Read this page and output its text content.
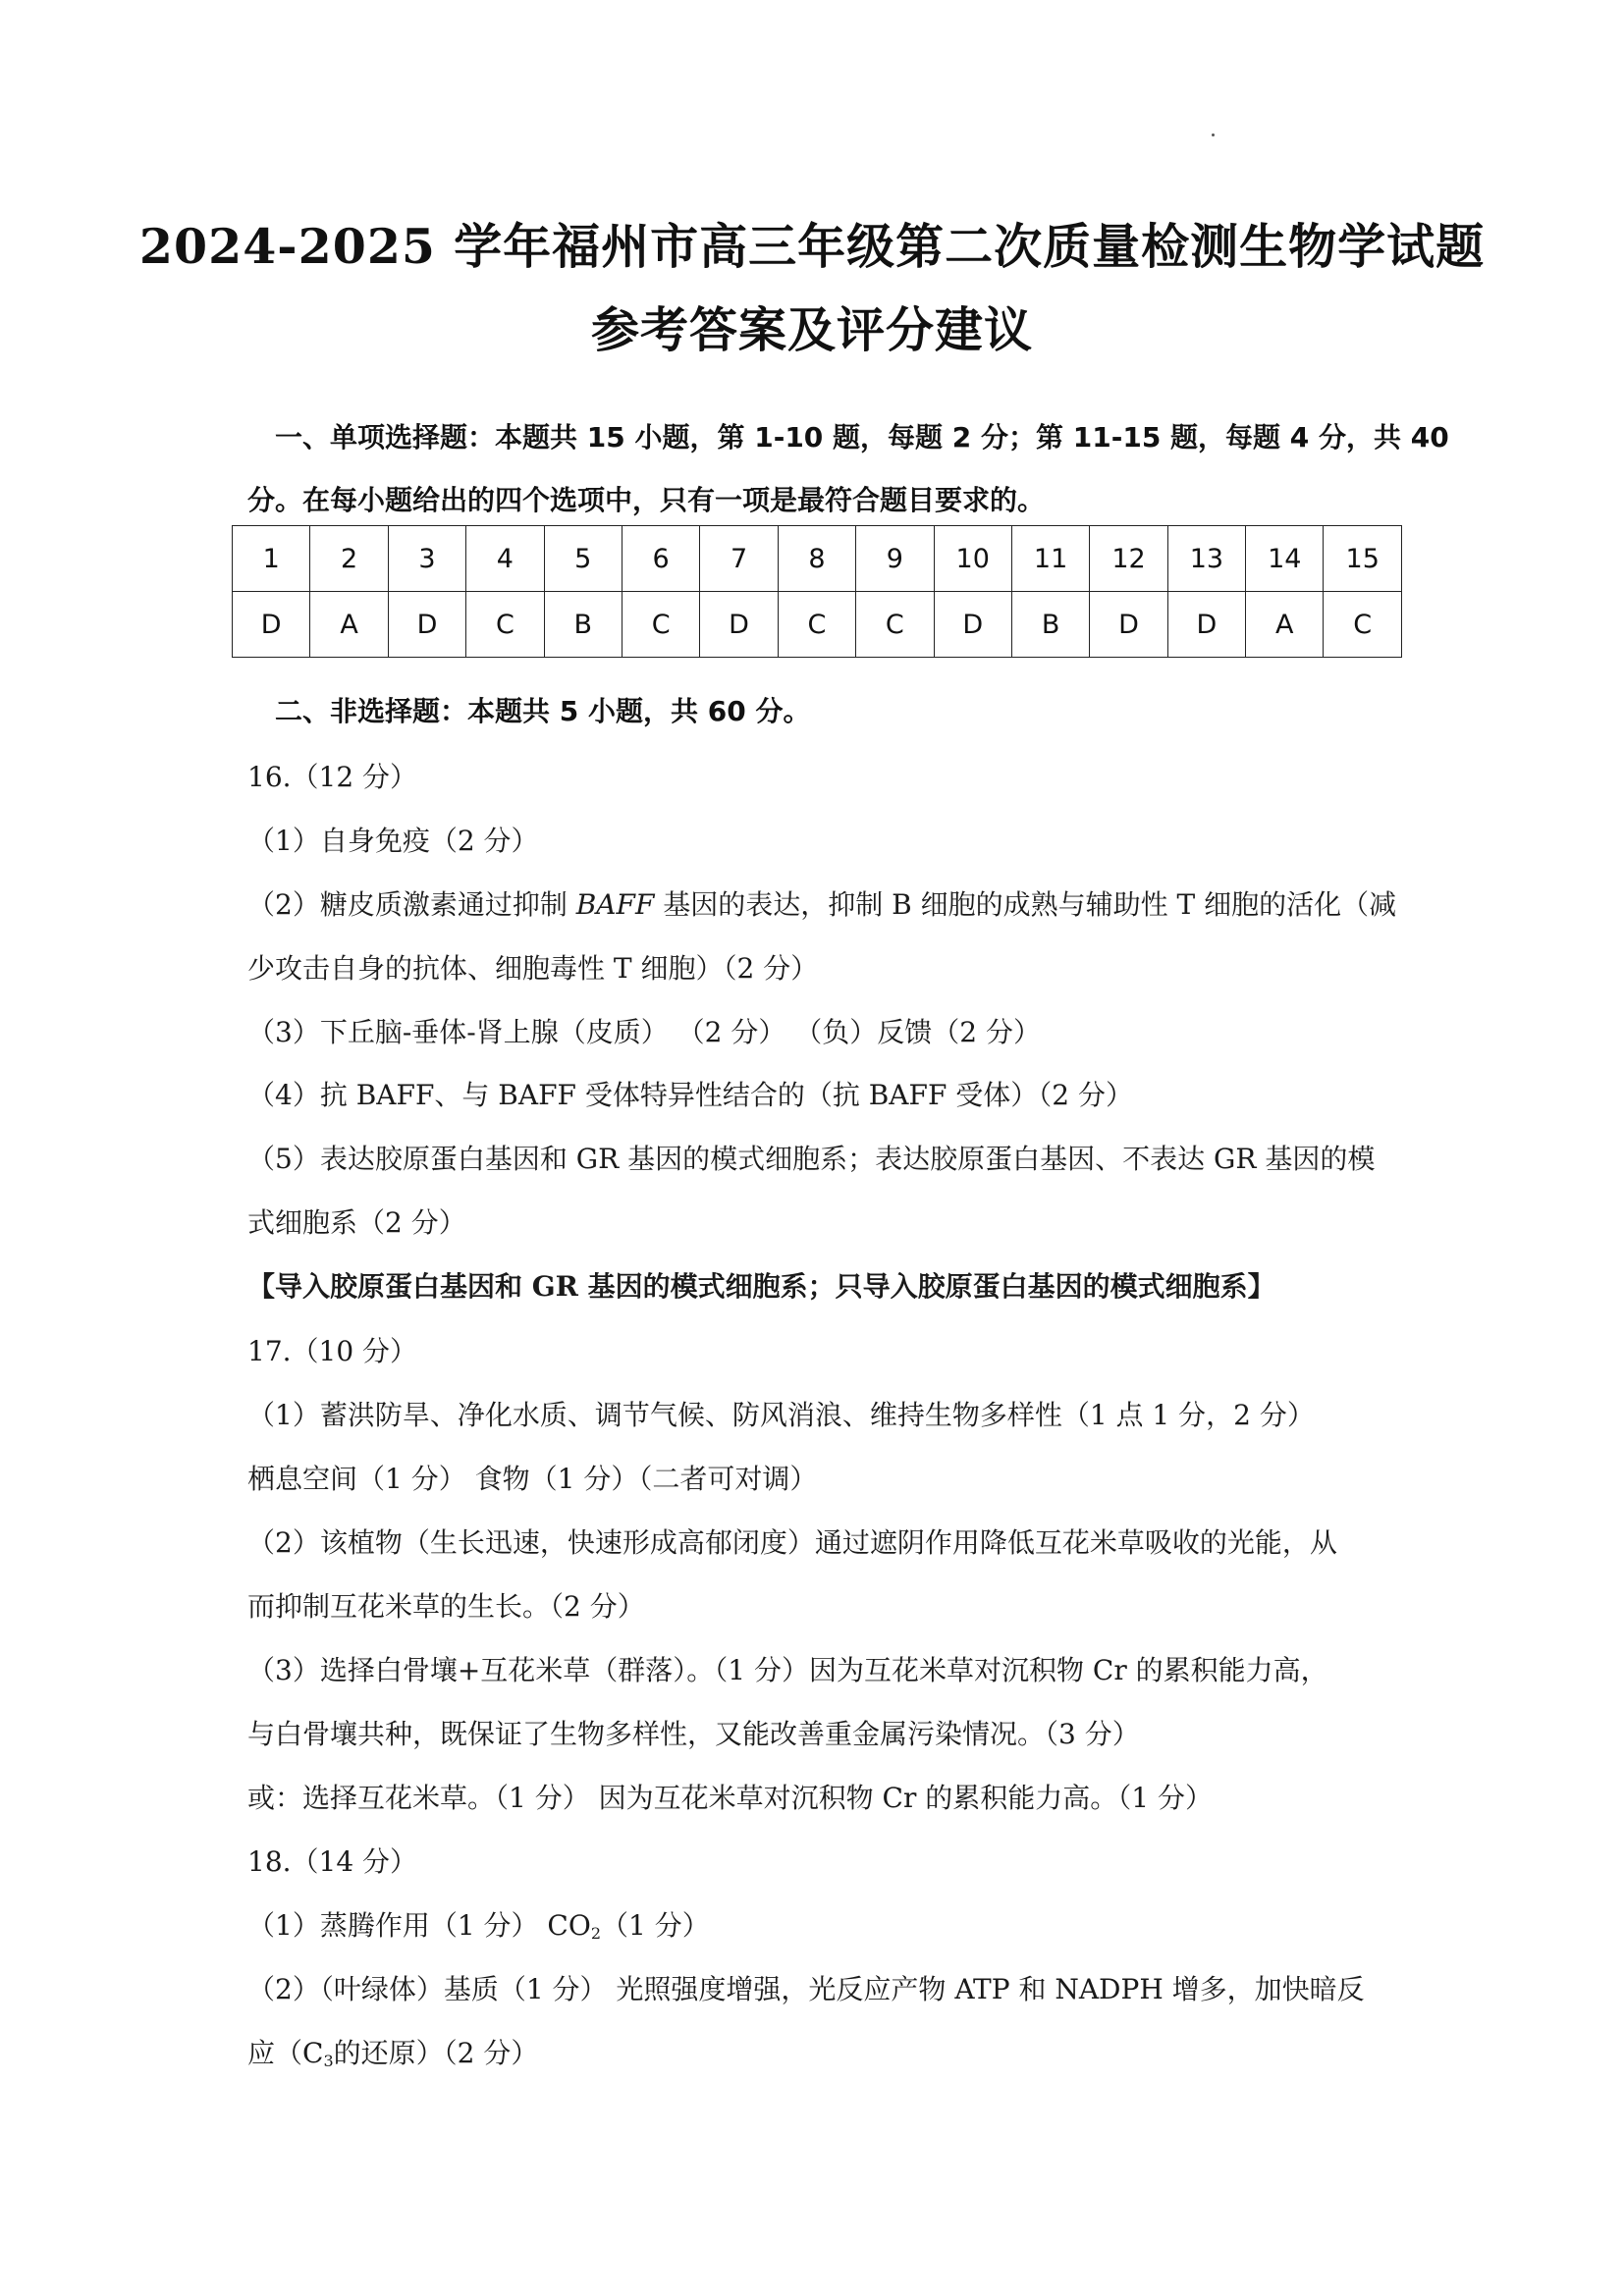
2024-2025 学年福州市高三年级第二次质量检测生物学试题
参考答案及评分建议
一、单项选择题：本题共 15 小题，第 1-10 题，每题 2 分；第 11-15 题，每题 4 分，共 40
分。在每小题给出的四个选项中，只有一项是最符合题目要求的。
1	2	3	4	5	6	7	8	9	10	11	12	13	14	15
D	A	D	C	B	C	D	C	C	D	B	D	D	A	C
二、非选择题：本题共 5 小题，共 60 分。
16.（12 分）
（1）自身免疫（2 分）
（2）糖皮质激素通过抑制 BAFF 基因的表达，抑制 B 细胞的成熟与辅助性 T 细胞的活化（减
少攻击自身的抗体、细胞毒性 T 细胞）（2 分）
（3）下丘脑-垂体-肾上腺（皮质） （2 分） （负）反馈（2 分）
（4）抗 BAFF、与 BAFF 受体特异性结合的（抗 BAFF 受体）（2 分）
（5）表达胶原蛋白基因和 GR 基因的模式细胞系；表达胶原蛋白基因、不表达 GR 基因的模
式细胞系（2 分）
【导入胶原蛋白基因和 GR 基因的模式细胞系；只导入胶原蛋白基因的模式细胞系】
17.（10 分）
（1）蓄洪防旱、净化水质、调节气候、防风消浪、维持生物多样性（1 点 1 分，2 分）
栖息空间（1 分） 食物（1 分）（二者可对调）
（2）该植物（生长迅速，快速形成高郁闭度）通过遮阴作用降低互花米草吸收的光能，从
而抑制互花米草的生长。（2 分）
（3）选择白骨壤+互花米草（群落）。（1 分）因为互花米草对沉积物 Cr 的累积能力高，
与白骨壤共种，既保证了生物多样性，又能改善重金属污染情况。（3 分）
或：选择互花米草。（1 分） 因为互花米草对沉积物 Cr 的累积能力高。（1 分）
18.（14 分）
（1）蒸腾作用（1 分） $CO_2(1$ 分）
（2）（叶绿体）基质（1 分） 光照强度增强，光反应产物 ATP 和 NADPH 增多，加快暗反
应（$C_3$的还原）（2 分）
